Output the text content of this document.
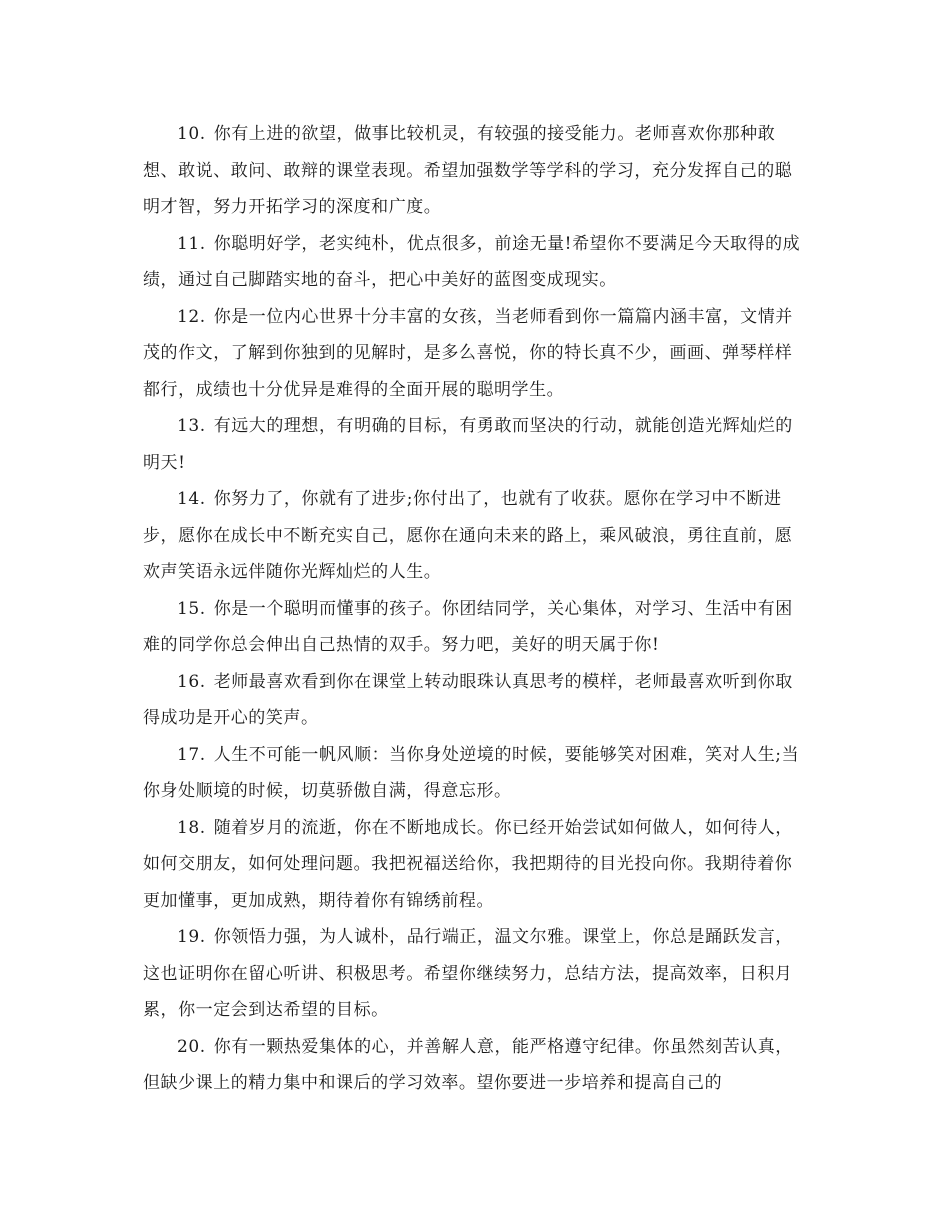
10. 你有上进的欲望，做事比较机灵，有较强的接受能力。老师喜欢你那种敢想、敢说、敢问、敢辩的课堂表现。希望加强数学等学科的学习，充分发挥自己的聪明才智，努力开拓学习的深度和广度。

11. 你聪明好学，老实纯朴，优点很多，前途无量!希望你不要满足今天取得的成绩，通过自己脚踏实地的奋斗，把心中美好的蓝图变成现实。

12. 你是一位内心世界十分丰富的女孩，当老师看到你一篇篇内涵丰富，文情并茂的作文，了解到你独到的见解时，是多么喜悦，你的特长真不少，画画、弹琴样样都行，成绩也十分优异是难得的全面开展的聪明学生。

13. 有远大的理想，有明确的目标，有勇敢而坚决的行动，就能创造光辉灿烂的明天!

14. 你努力了，你就有了进步;你付出了，也就有了收获。愿你在学习中不断进步，愿你在成长中不断充实自己，愿你在通向未来的路上，乘风破浪，勇往直前，愿欢声笑语永远伴随你光辉灿烂的人生。

15. 你是一个聪明而懂事的孩子。你团结同学，关心集体，对学习、生活中有困难的同学你总会伸出自己热情的双手。努力吧，美好的明天属于你!

16. 老师最喜欢看到你在课堂上转动眼珠认真思考的模样，老师最喜欢听到你取得成功是开心的笑声。

17. 人生不可能一帆风顺：当你身处逆境的时候，要能够笑对困难，笑对人生;当你身处顺境的时候，切莫骄傲自满，得意忘形。

18. 随着岁月的流逝，你在不断地成长。你已经开始尝试如何做人，如何待人，如何交朋友，如何处理问题。我把祝福送给你，我把期待的目光投向你。我期待着你更加懂事，更加成熟，期待着你有锦绣前程。

19. 你领悟力强，为人诚朴，品行端正，温文尔雅。课堂上，你总是踊跃发言，这也证明你在留心听讲、积极思考。希望你继续努力，总结方法，提高效率，日积月累，你一定会到达希望的目标。

20. 你有一颗热爱集体的心，并善解人意，能严格遵守纪律。你虽然刻苦认真，但缺少课上的精力集中和课后的学习效率。望你要进一步培养和提高自己的
